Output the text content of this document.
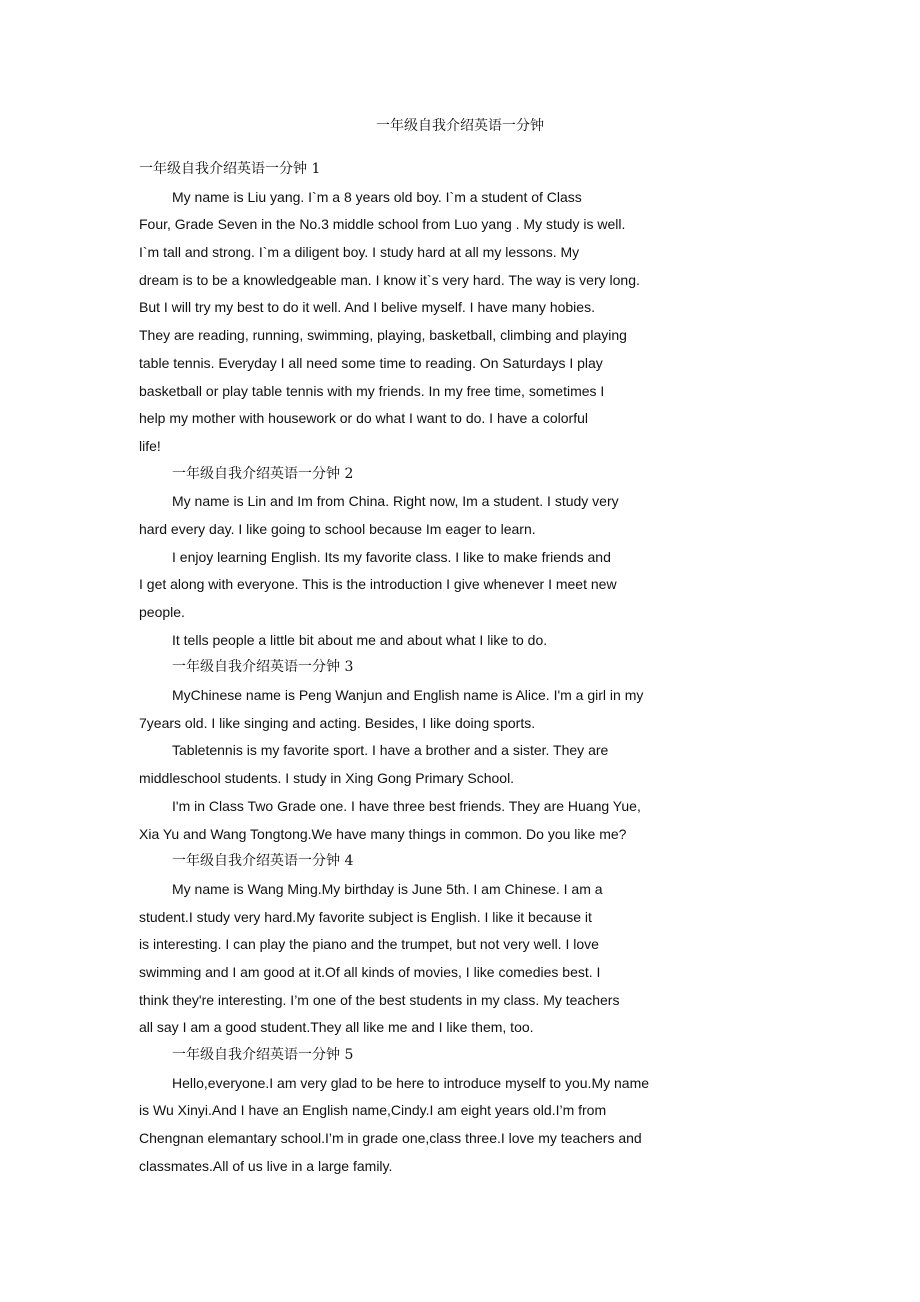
一年级自我介绍英语一分钟
一年级自我介绍英语一分钟 1
My name is Liu yang. I`m a 8 years old boy. I`m a student of Class
Four, Grade Seven in the No.3 middle school from Luo yang . My study is well.
I`m tall and strong. I`m a diligent boy. I study hard at all my lessons. My
dream is to be a knowledgeable man. I know it`s very hard. The way is very long.
But I will try my best to do it well. And I belive myself. I have many hobies.
They are reading, running, swimming, playing, basketball, climbing and playing
table tennis. Everyday I all need some time to reading. On Saturdays I play
basketball or play table tennis with my friends. In my free time, sometimes I
help my mother with housework or do what I want to do. I have a colorful
life!
一年级自我介绍英语一分钟 2
My name is Lin and Im from China. Right now, Im a student. I study very
hard every day. I like going to school because Im eager to learn.
I enjoy learning English. Its my favorite class. I like to make friends and
I get along with everyone. This is the introduction I give whenever I meet new
people.
It tells people a little bit about me and about what I like to do.
一年级自我介绍英语一分钟 3
MyChinese name is Peng Wanjun and English name is Alice. I'm a girl in my
7years old. I like singing and acting. Besides, I like doing sports.
Tabletennis is my favorite sport. I have a brother and a sister. They are
middleschool students. I study in Xing Gong Primary School.
I'm in Class Two Grade one. I have three best friends. They are Huang Yue,
Xia Yu and Wang Tongtong.We have many things in common. Do you like me?
一年级自我介绍英语一分钟 4
My name is Wang Ming.My birthday is June 5th. I am Chinese. I am a
student.I study very hard.My favorite subject is English. I like it because it
is interesting. I can play the piano and the trumpet, but not very well. I love
swimming and I am good at it.Of all kinds of movies, I like comedies best. I
think they're interesting. I’m one of the best students in my class. My teachers
all say I am a good student.They all like me and I like them, too.
一年级自我介绍英语一分钟 5
Hello,everyone.I am very glad to be here to introduce myself to you.My name
is Wu Xinyi.And I have an English name,Cindy.I am eight years old.I’m from
Chengnan elemantary school.I’m in grade one,class three.I love my teachers and
classmates.All of us live in a large family.
